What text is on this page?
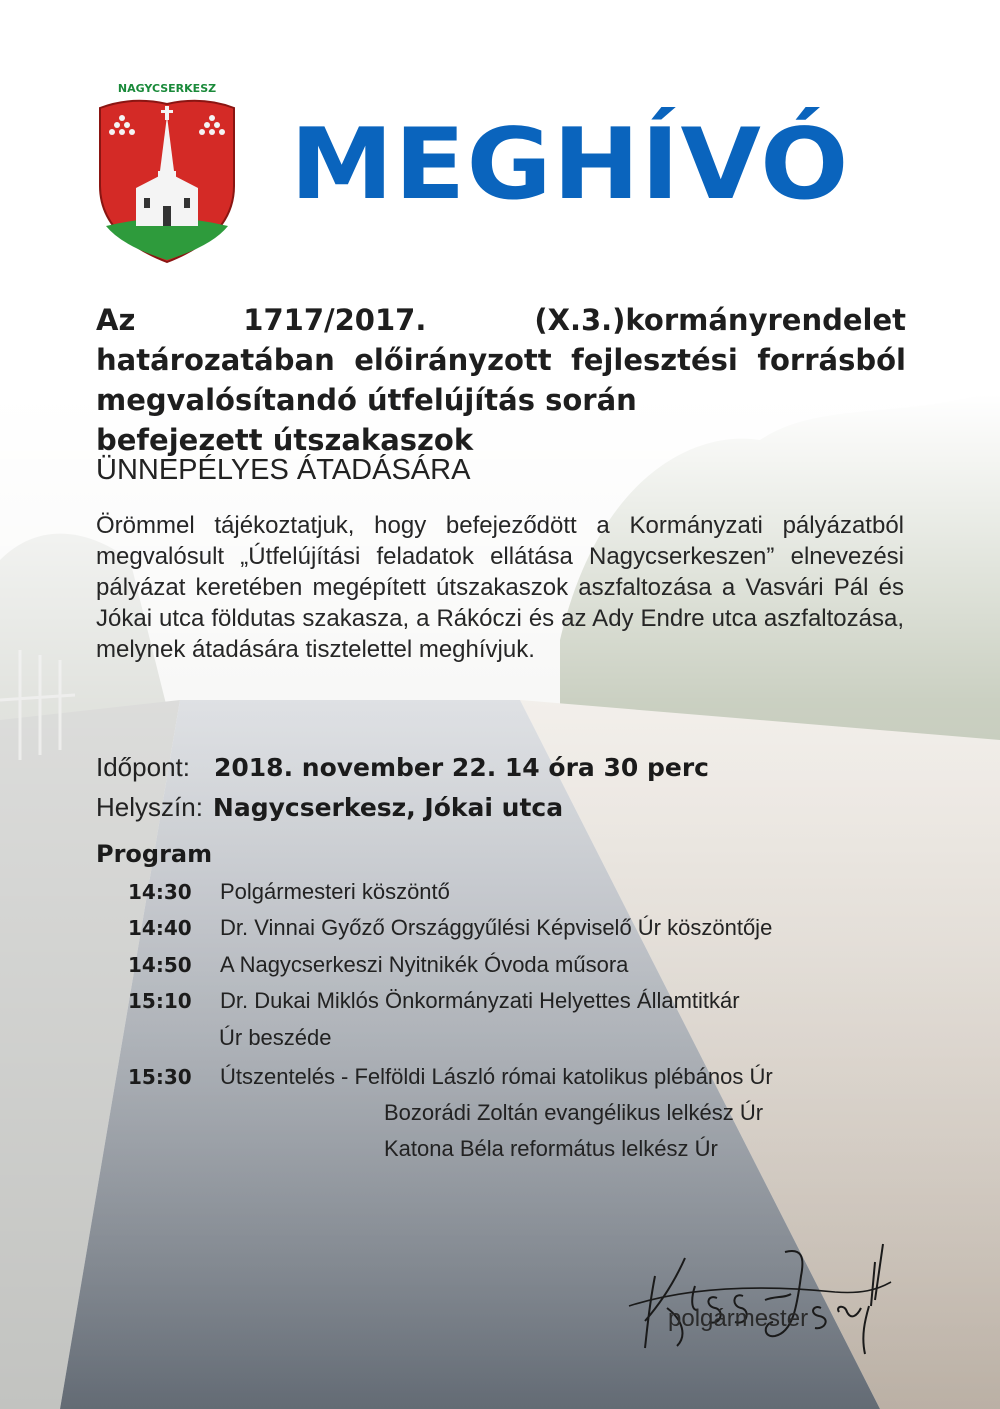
NAGYCSERKESZ
MEGHÍVÓ

Az 1717/2017. (X.3.)kormányrendelet határozatában előirányzott fejlesztési forrásból megvalósítandó útfelújítás során
befejezett útszakaszok

ÜNNEPÉLYES ÁTADÁSÁRA

Örömmel tájékoztatjuk, hogy befejeződött a Kormányzati pályázatból megvalósult „Útfelújítási feladatok ellátása Nagycserkeszen” elnevezési pályázat keretében megépített útszakaszok aszfaltozása a Vasvári Pál és Jókai utca földutas szakasza, a Rákóczi és az Ady Endre utca aszfaltozása, melynek átadására tisztelettel meghívjuk.

Időpont: 2018. november 22. 14 óra 30 perc
Helyszín: Nagycserkesz, Jókai utca
Program
14:30 Polgármesteri köszöntő
14:40 Dr. Vinnai Győző Országgyűlési Képviselő Úr köszöntője
14:50 A Nagycserkeszi Nyitnikék Óvoda műsora
15:10 Dr. Dukai Miklós Önkormányzati Helyettes Államtitkár
Úr beszéde
15:30 Útszentelés - Felföldi László római katolikus plébános Úr
Bozorádi Zoltán evangélikus lelkész Úr
Katona Béla református lelkész Úr
polgármester
